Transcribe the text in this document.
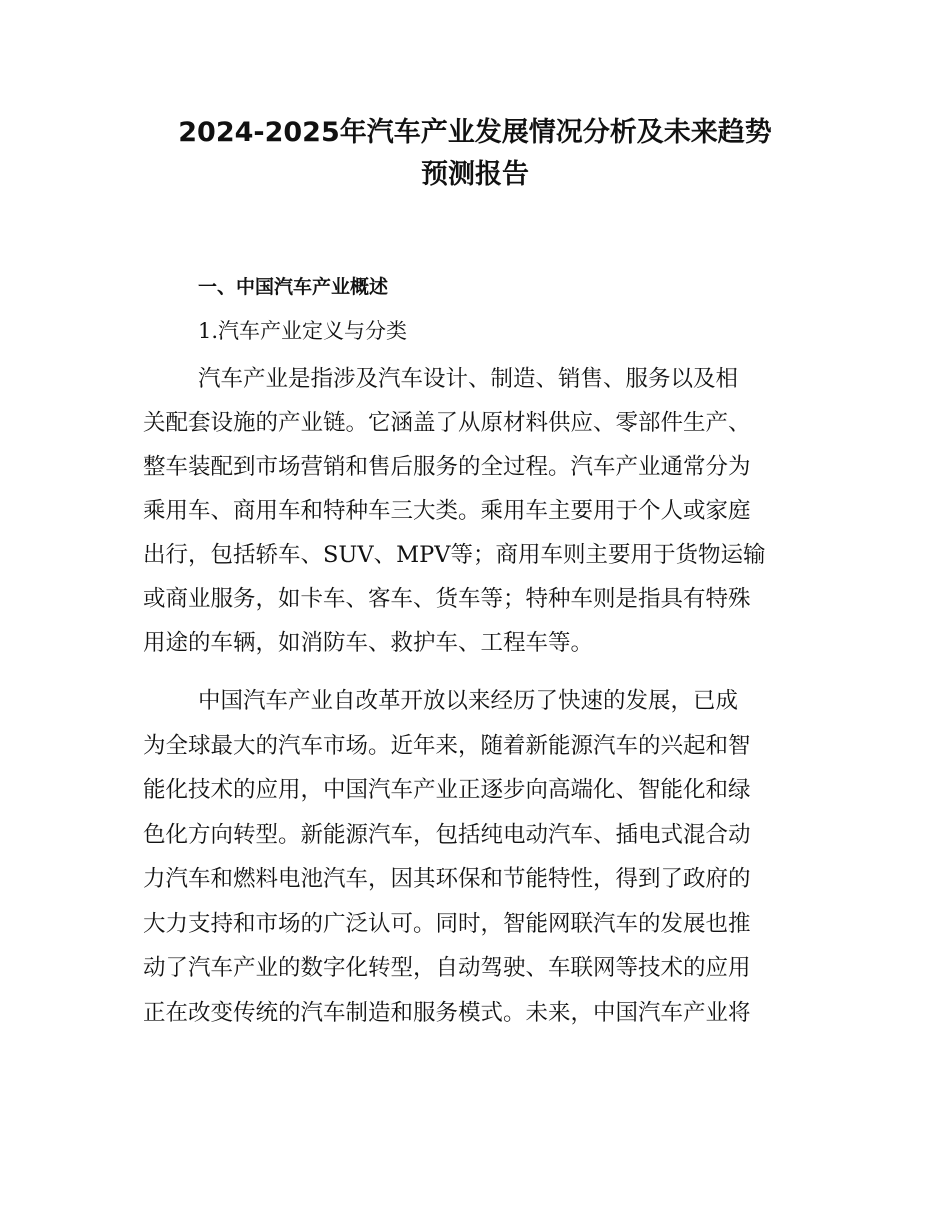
2024-2025年汽车产业发展情况分析及未来趋势
预测报告
一、中国汽车产业概述
1.汽车产业定义与分类
汽车产业是指涉及汽车设计、制造、销售、服务以及相
关配套设施的产业链。它涵盖了从原材料供应、零部件生产、
整车装配到市场营销和售后服务的全过程。汽车产业通常分为
乘用车、商用车和特种车三大类。乘用车主要用于个人或家庭
出行，包括轿车、SUV、MPV等；商用车则主要用于货物运输
或商业服务，如卡车、客车、货车等；特种车则是指具有特殊
用途的车辆，如消防车、救护车、工程车等。
中国汽车产业自改革开放以来经历了快速的发展，已成
为全球最大的汽车市场。近年来，随着新能源汽车的兴起和智
能化技术的应用，中国汽车产业正逐步向高端化、智能化和绿
色化方向转型。新能源汽车，包括纯电动汽车、插电式混合动
力汽车和燃料电池汽车，因其环保和节能特性，得到了政府的
大力支持和市场的广泛认可。同时，智能网联汽车的发展也推
动了汽车产业的数字化转型，自动驾驶、车联网等技术的应用
正在改变传统的汽车制造和服务模式。未来，中国汽车产业将
